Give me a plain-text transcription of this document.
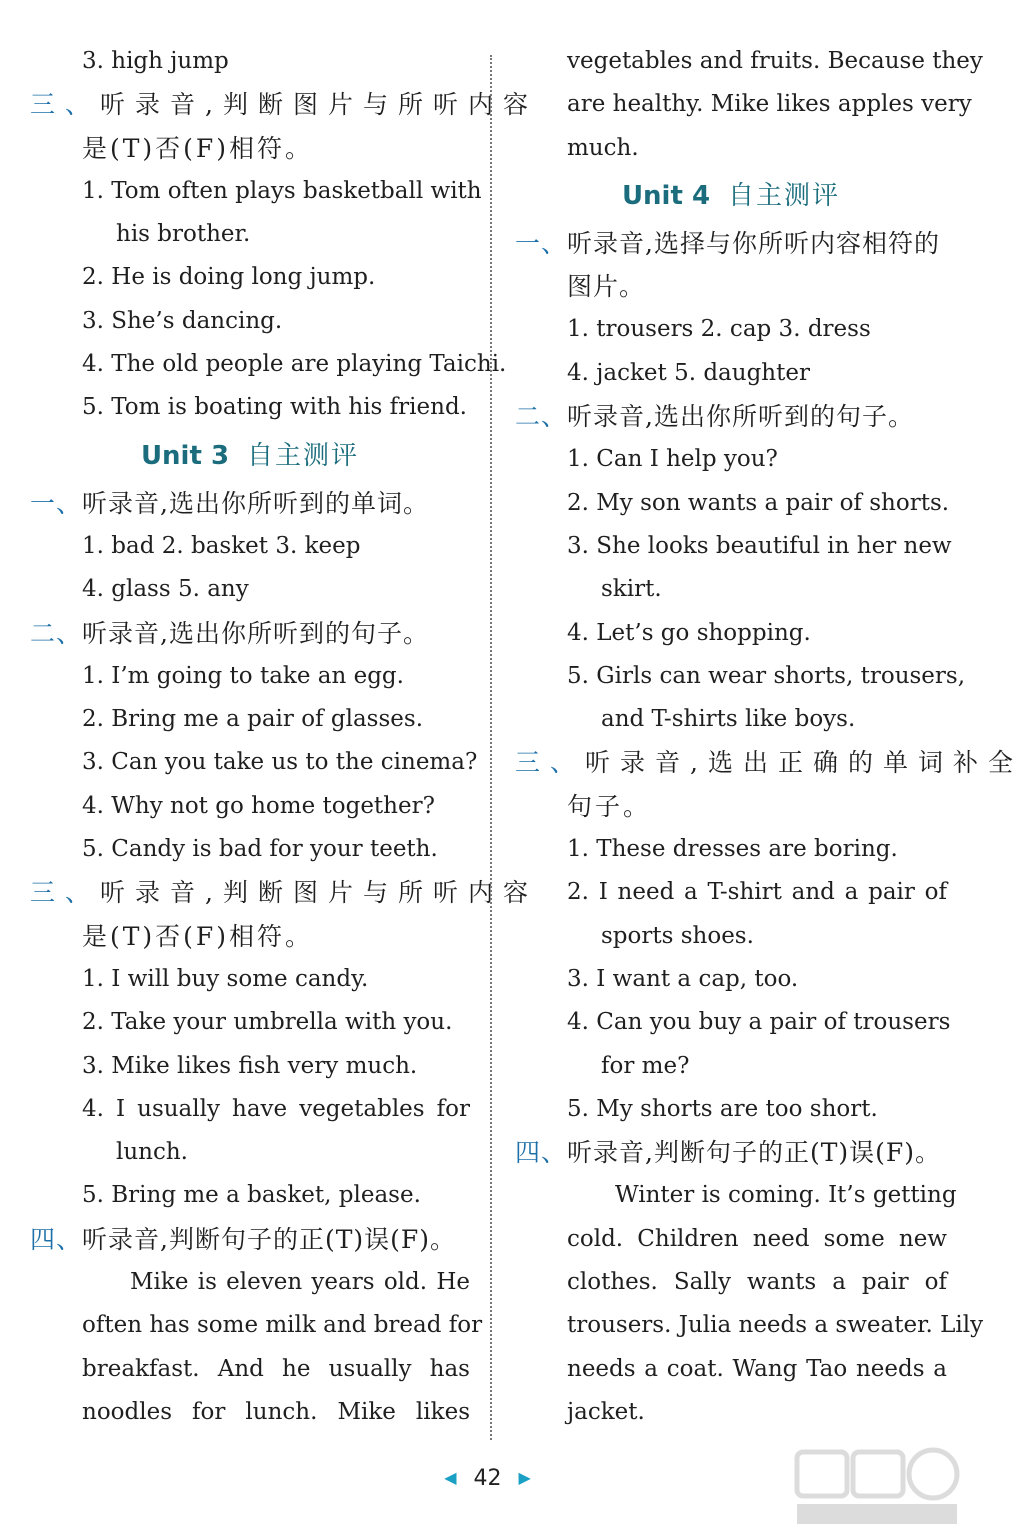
3. high jump
三、听录音,判断图片与所听内容
是(T)否(F)相符。
1. Tom often plays basketball with
his brother.
2. He is doing long jump.
3. She’s dancing.
4. The old people are playing Taichi.
5. Tom is boating with his friend.
Unit 3 自主测评
一、听录音,选出你所听到的单词。
1. bad 2. basket 3. keep
4. glass 5. any
二、听录音,选出你所听到的句子。
1. I’m going to take an egg.
2. Bring me a pair of glasses.
3. Can you take us to the cinema?
4. Why not go home together?
5. Candy is bad for your teeth.
三、听录音,判断图片与所听内容
是(T)否(F)相符。
1. I will buy some candy.
2. Take your umbrella with you.
3. Mike likes fish very much.
4. I usually have vegetables for
lunch.
5. Bring me a basket, please.
四、听录音,判断句子的正(T)误(F)。
Mike is eleven years old. He
often has some milk and bread for
breakfast. And he usually has
noodles for lunch. Mike likes
vegetables and fruits. Because they
are healthy. Mike likes apples very
much.
Unit 4 自主测评
一、听录音,选择与你所听内容相符的
图片。
1. trousers 2. cap 3. dress
4. jacket 5. daughter
二、听录音,选出你所听到的句子。
1. Can I help you?
2. My son wants a pair of shorts.
3. She looks beautiful in her new
skirt.
4. Let’s go shopping.
5. Girls can wear shorts, trousers,
and T-shirts like boys.
三、听录音,选出正确的单词补全
句子。
1. These dresses are boring.
2. I need a T-shirt and a pair of
sports shoes.
3. I want a cap, too.
4. Can you buy a pair of trousers
for me?
5. My shorts are too short.
四、听录音,判断句子的正(T)误(F)。
Winter is coming. It’s getting
cold. Children need some new
clothes. Sally wants a pair of
trousers. Julia needs a sweater. Lily
needs a coat. Wang Tao needs a
jacket.
◀ 42 ▶
